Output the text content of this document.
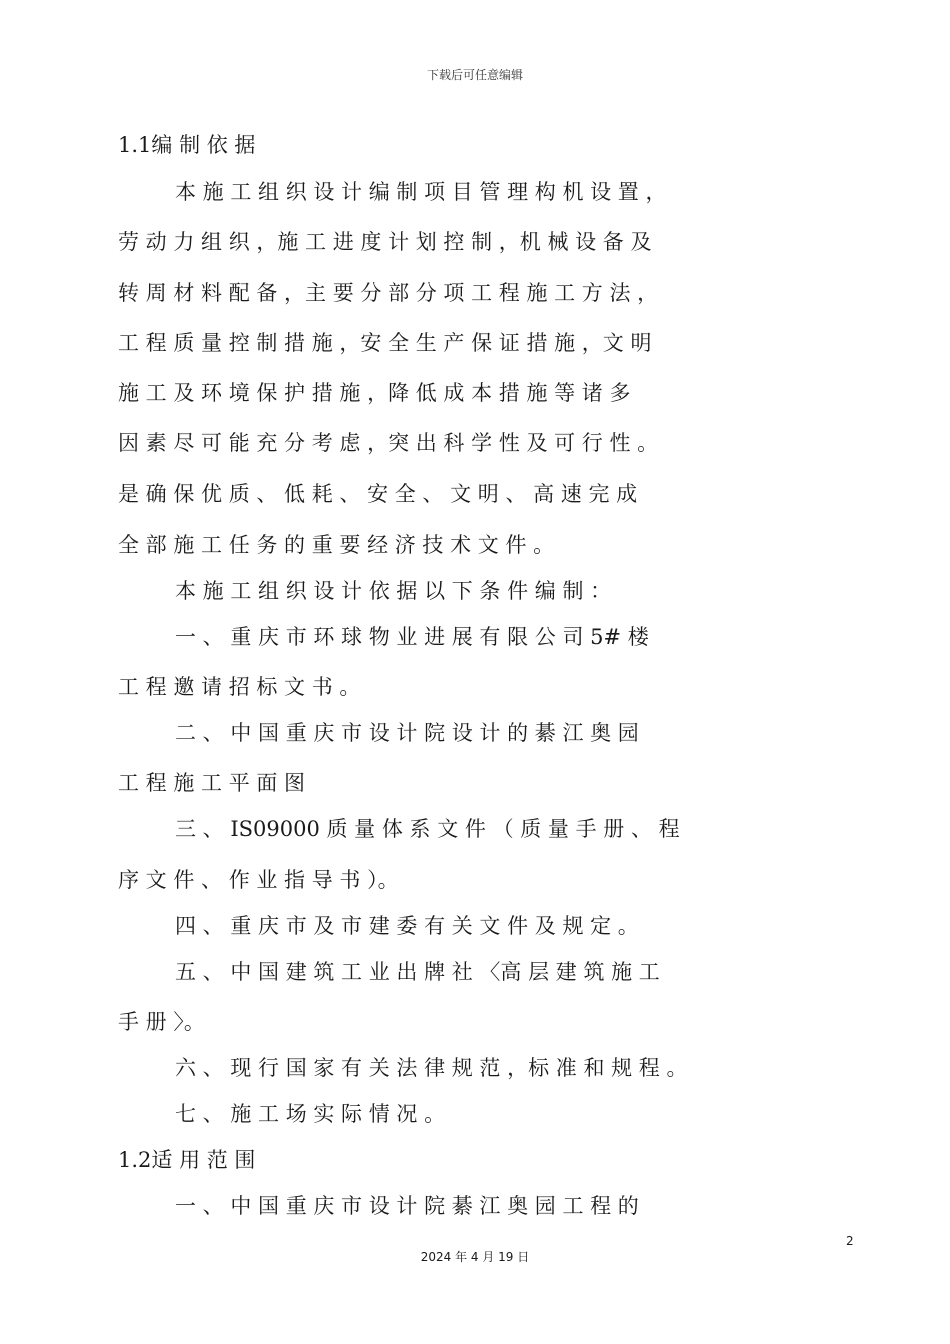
下载后可任意编辑
1.1编 制 依 据
本 施 工 组 织 设 计 编 制 项 目 管 理 构 机 设 置 ，
劳 动 力 组 织 ，施 工 进 度 计 划 控 制 ，机 械 设 备 及
转 周 材 料 配 备 ，主 要 分 部 分 项 工 程 施 工 方 法 ，
工 程 质 量 控 制 措 施 ，安 全 生 产 保 证 措 施 ，文 明
施 工 及 环 境 保 护 措 施 ，降 低 成 本 措 施 等 诸 多
因 素 尽 可 能 充 分 考 虑 ，突 出 科 学 性 及 可 行 性 。
是 确 保 优 质 、 低 耗 、 安 全 、 文 明 、 高 速 完 成
全 部 施 工 任 务 的 重 要 经 济 技 术 文 件 。
本 施 工 组 织 设 计 依 据 以 下 条 件 编 制 ：
一 、 重 庆 市 环 球 物 业 进 展 有 限 公 司 5# 楼
工 程 邀 请 招 标 文 书 。
二 、 中 国 重 庆 市 设 计 院 设 计 的 綦 江 奥 园
工 程 施 工 平 面 图
三 、 IS09000 质 量 体 系 文 件 （ 质 量 手 册 、 程
序 文 件 、 作 业 指 导 书 ）。
四 、 重 庆 市 及 市 建 委 有 关 文 件 及 规 定 。
五 、 中 国 建 筑 工 业 出 牌 社 〈高 层 建 筑 施 工
手 册 〉。
六 、 现 行 国 家 有 关 法 律 规 范 ，标 准 和 规 程 。
七 、 施 工 场 实 际 情 况 。
1.2适 用 范 围
一 、 中 国 重 庆 市 设 计 院 綦 江 奥 园 工 程 的
2
2024 年 4 月 19 日
